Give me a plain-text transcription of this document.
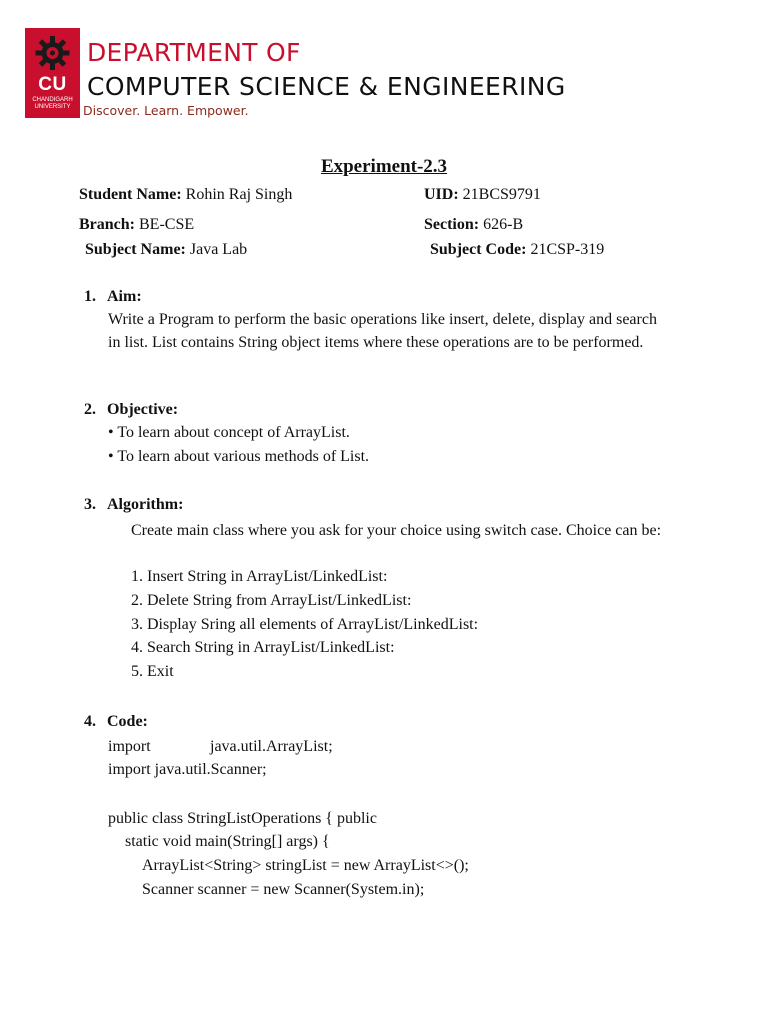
CU
CHANDIGARH UNIVERSITY
DEPARTMENT OF
COMPUTER SCIENCE & ENGINEERING
Discover. Learn. Empower.
Experiment-2.3
Student Name: Rohin Raj Singh	UID: 21BCS9791
Branch: BE-CSE	Section: 626-B
Subject Name: Java Lab	Subject Code: 21CSP-319
1. Aim:
Write a Program to perform the basic operations like insert, delete, display and search in list. List contains String object items where these operations are to be performed.
2. Objective:
• To learn about concept of ArrayList.
• To learn about various methods of List.
3. Algorithm:
Create main class where you ask for your choice using switch case. Choice can be:
1. Insert String in ArrayList/LinkedList:
2. Delete String from ArrayList/LinkedList:
3. Display Sring all elements of ArrayList/LinkedList:
4. Search String in ArrayList/LinkedList:
5. Exit
4. Code:
import	java.util.ArrayList;
import java.util.Scanner;
public class StringListOperations { public
static void main(String[] args) {
ArrayList<String> stringList = new ArrayList<>();
Scanner scanner = new Scanner(System.in);
